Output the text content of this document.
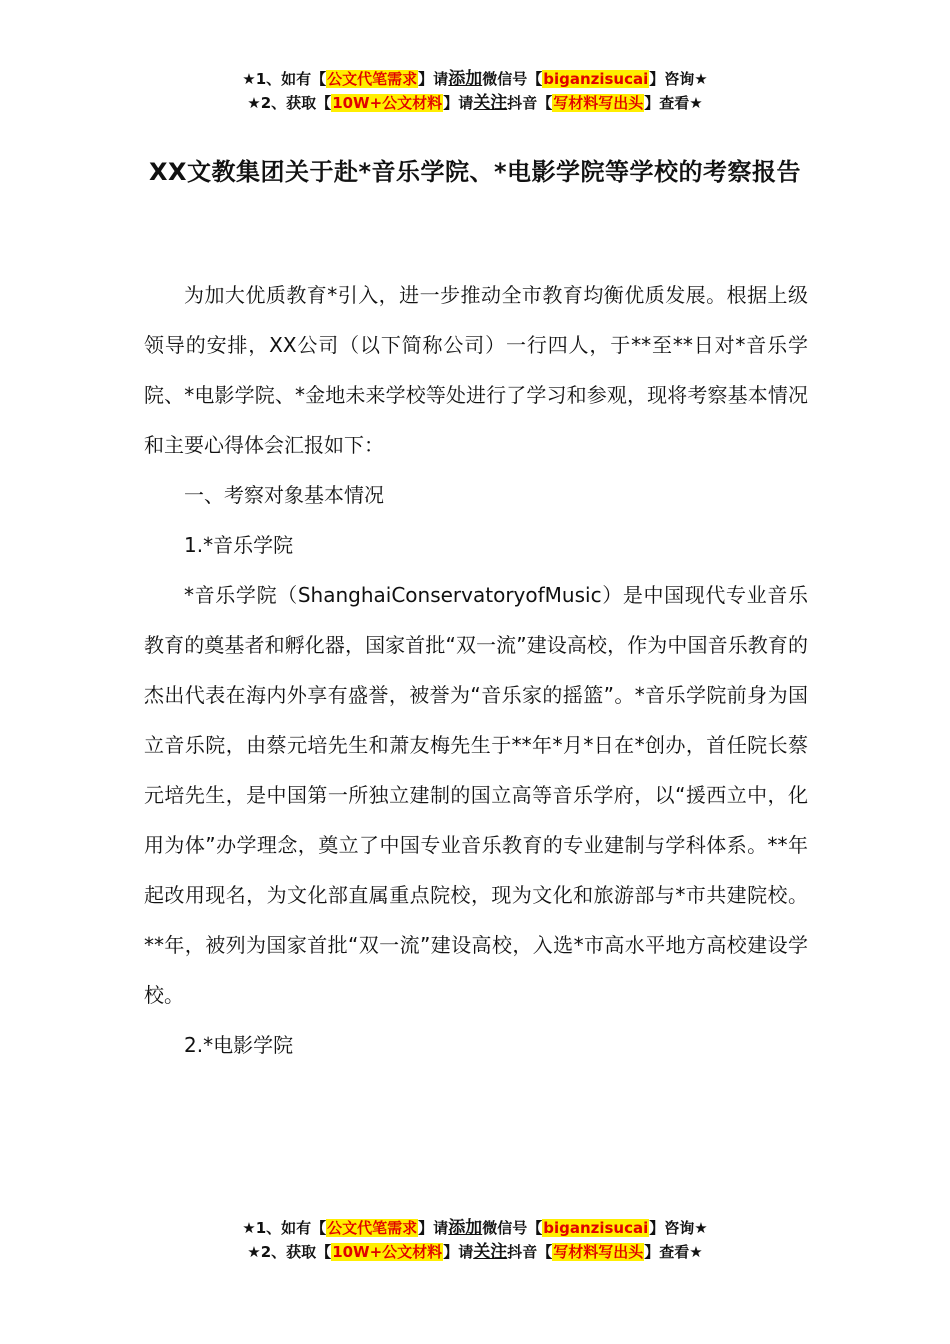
★1、如有【公文代笔需求】请添加微信号【biganzisucai】咨询★
★2、获取【10W+公文材料】请关注抖音【写材料写出头】查看★
XX文教集团关于赴*音乐学院、*电影学院等学校的考察报告

为加大优质教育*引入，进一步推动全市教育均衡优质发展。根据上级领导的安排，XX公司（以下简称公司）一行四人，于**至**日对*音乐学院、*电影学院、*金地未来学校等处进行了学习和参观，现将考察基本情况和主要心得体会汇报如下：

一、考察对象基本情况

1.*音乐学院

*音乐学院（ShanghaiConservatoryofMusic）是中国现代专业音乐教育的奠基者和孵化器，国家首批“双一流”建设高校，作为中国音乐教育的杰出代表在海内外享有盛誉，被誉为“音乐家的摇篮”。*音乐学院前身为国立音乐院，由蔡元培先生和萧友梅先生于**年*月*日在*创办，首任院长蔡元培先生，是中国第一所独立建制的国立高等音乐学府，以“援西立中，化用为体”办学理念，奠立了中国专业音乐教育的专业建制与学科体系。**年起改用现名，为文化部直属重点院校，现为文化和旅游部与*市共建院校。**年，被列为国家首批“双一流”建设高校，入选*市高水平地方高校建设学校。

2.*电影学院

★1、如有【公文代笔需求】请添加微信号【biganzisucai】咨询★
★2、获取【10W+公文材料】请关注抖音【写材料写出头】查看★
